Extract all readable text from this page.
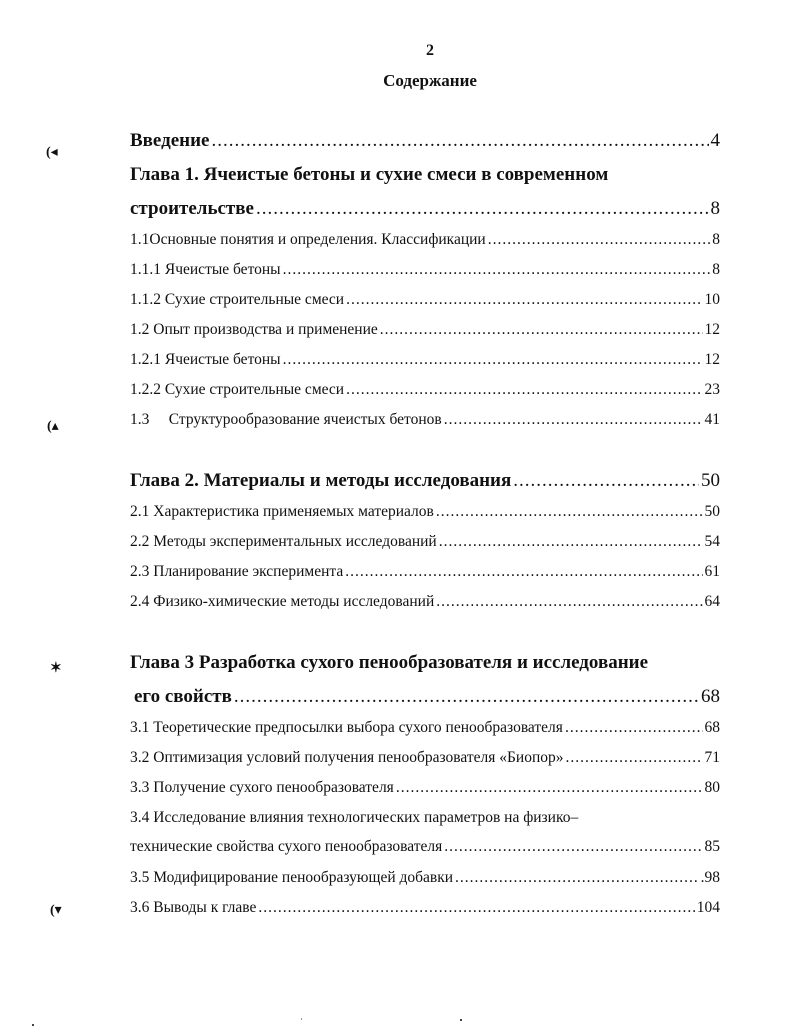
2
Содержание
Введение .....	4
Глава 1. Ячеистые бетоны и сухие смеси в современном
строительстве .....	8
1.1Основные понятия и определения. Классификации .....	8
1.1.1 Ячеистые бетоны .....	8
1.1.2 Сухие строительные смеси .....	10
1.2 Опыт производства и применение .....	12
1.2.1 Ячеистые бетоны .....	12
1.2.2 Сухие строительные смеси .....	23
1.3     Структурообразование ячеистых бетонов .....	41
Глава 2. Материалы и методы исследования .....	50
2.1 Характеристика применяемых материалов .....	50
2.2 Методы экспериментальных исследований .....	54
2.3 Планирование эксперимента .....	61
2.4 Физико-химические методы исследований .....	64
Глава 3 Разработка сухого пенообразователя и исследование
его свойств .....	68
3.1 Теоретические предпосылки выбора сухого пенообразователя .....	68
3.2 Оптимизация условий получения пенообразователя «Биопор» .....	71
3.3 Получение сухого пенообразователя .....	80
3.4 Исследование влияния технологических параметров на физико–
технические свойства сухого пенообразователя .....	85
3.5 Модифицирование пенообразующей добавки .....	.98
3.6 Выводы к главе .....	104
(◂
(▴
✶
(▾
